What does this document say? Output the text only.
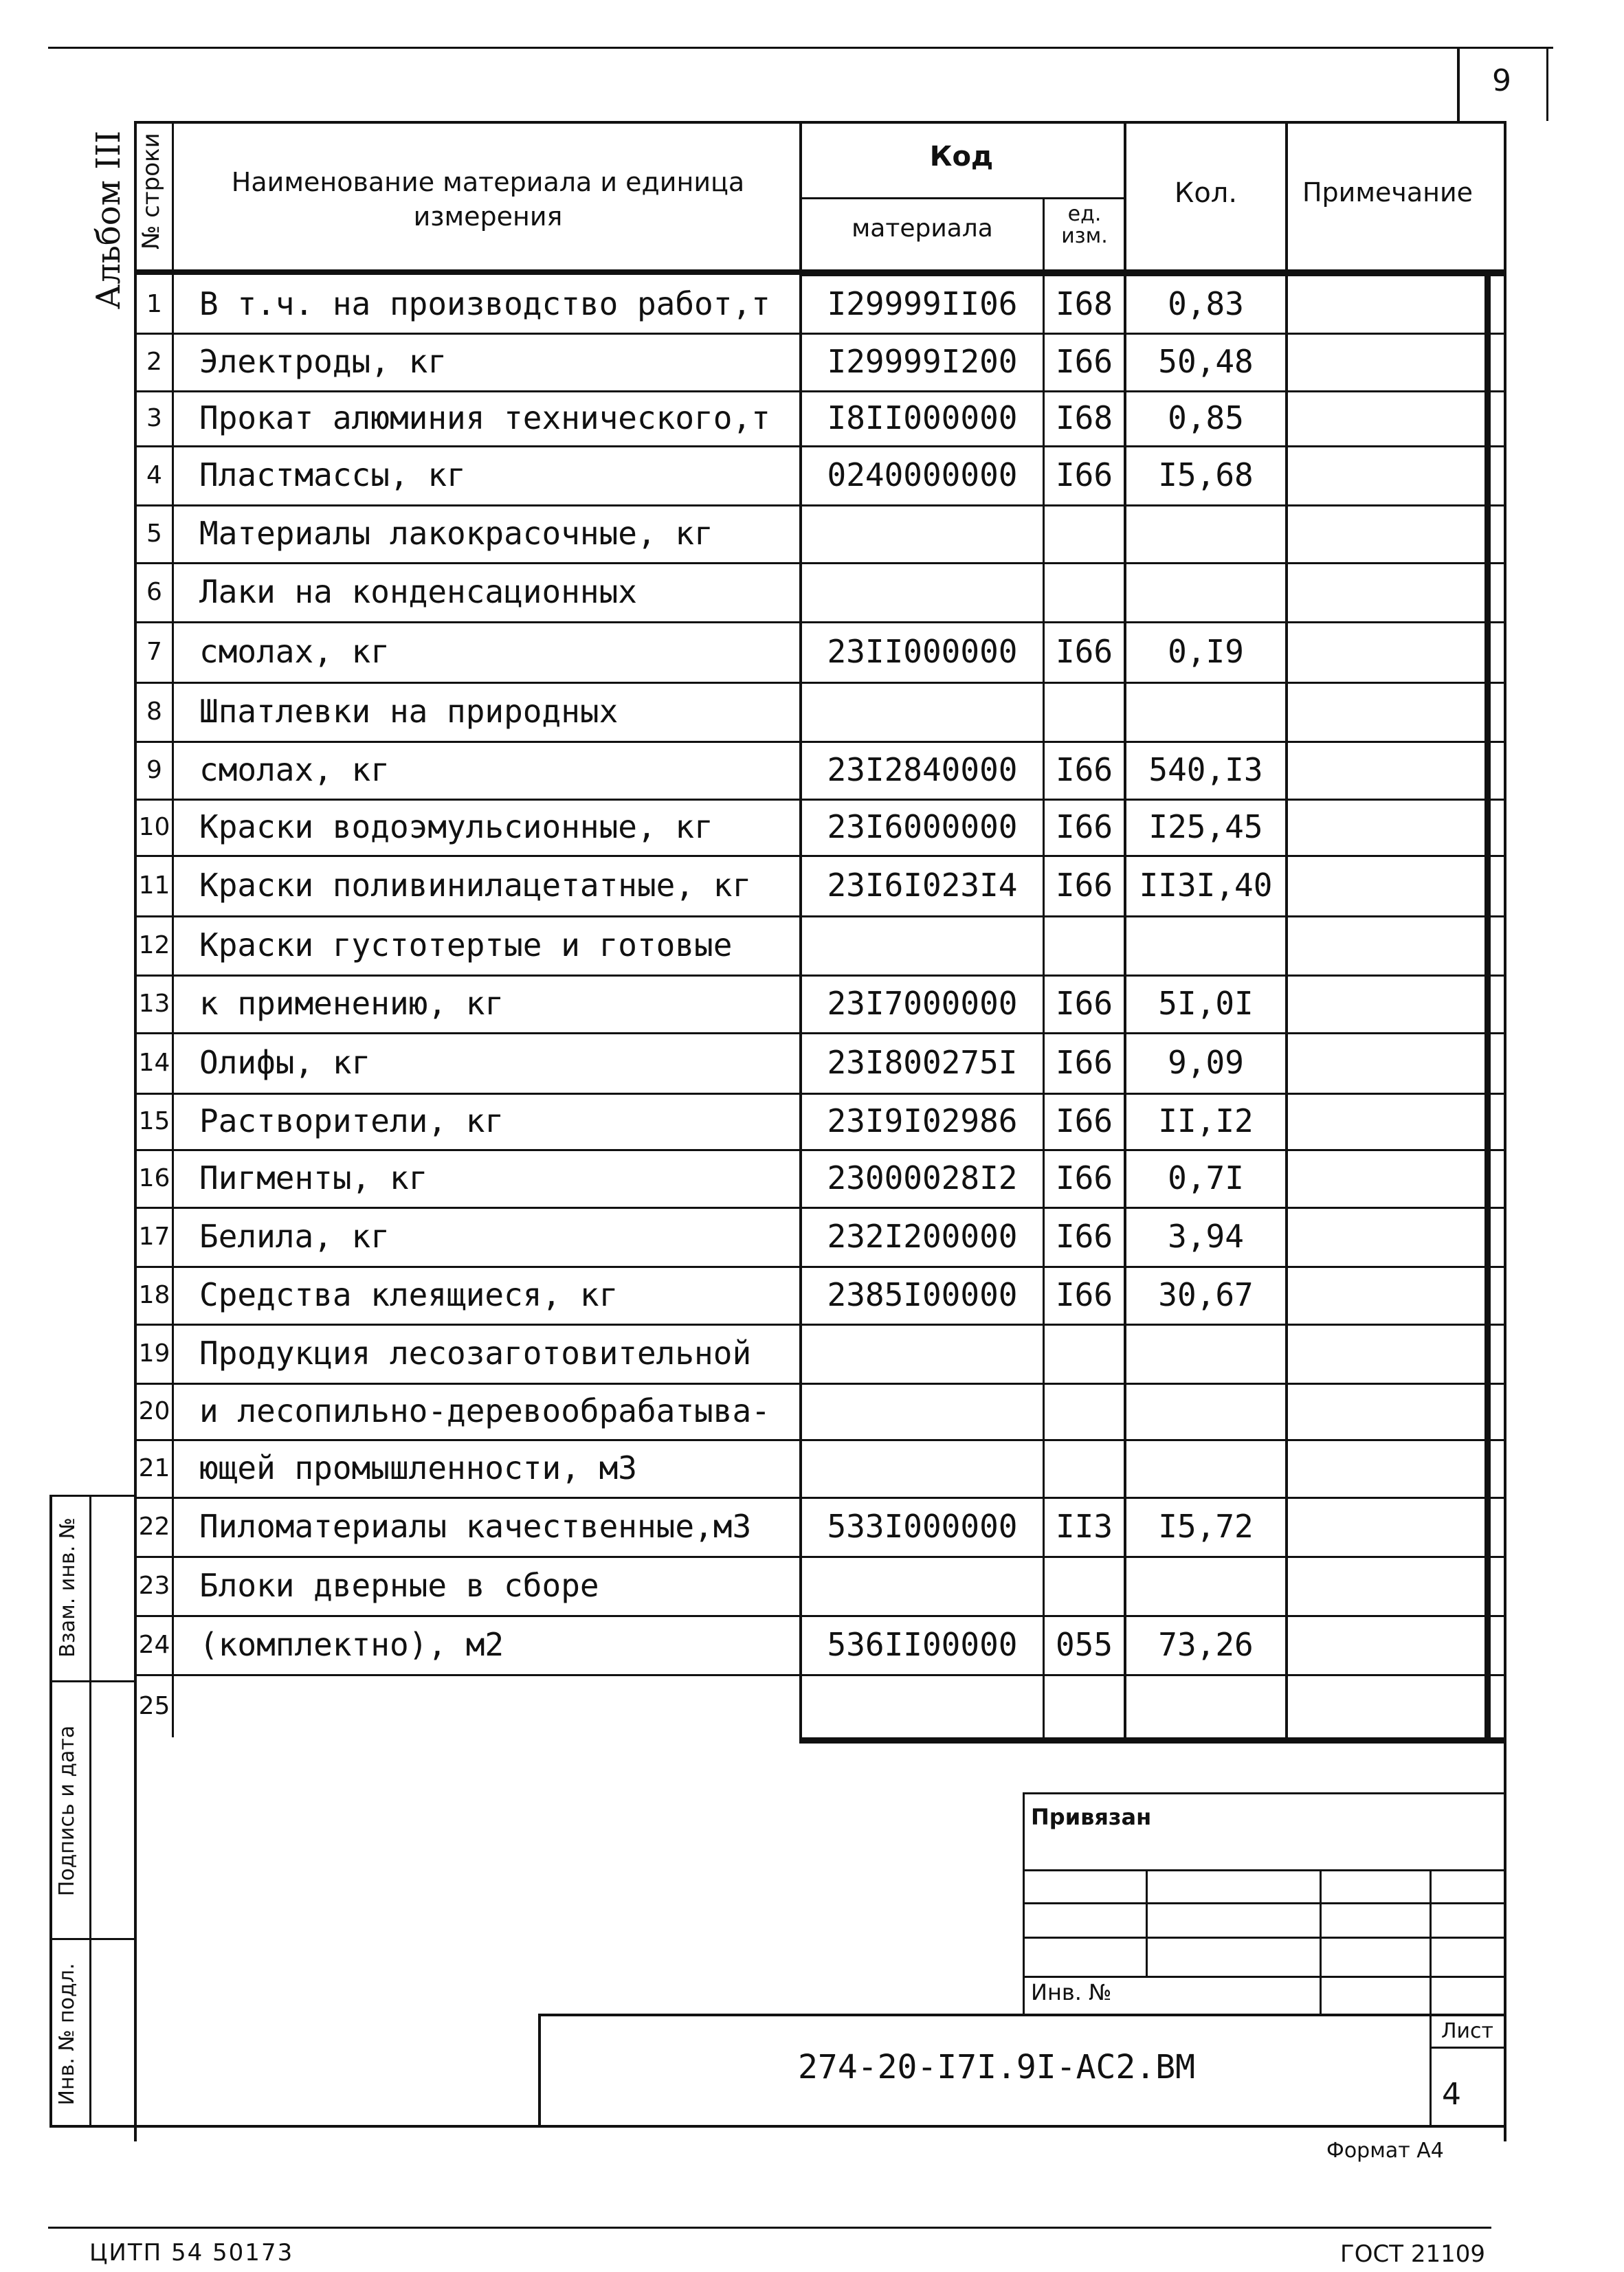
9
Альбом III № строки	Наименование материала и единица измерения
Код
материала
ед. изм.
Кол.	Примечание
1	В т.ч. на производство работ,т	I29999II06	I68	0,83
2	Электроды, кг	I29999I200	I66	50,48
3	Прокат алюминия технического,т	I8II000000	I68	0,85
4	Пластмассы, кг	0240000000	I66	I5,68
5	Материалы лакокрасочные, кг
6	Лаки на конденсационных
7	смолах, кг	23II000000	I66	0,I9
8	Шпатлевки на природных
9	смолах, кг	23I2840000	I66	540,I3
10 Краски водоэмульсионные, кг	23I6000000	I66	I25,45
11 Краски поливинилацетатные, кг	23I6I023I4	I66 II3I,40
12 Краски густотертые и готовые
13 к применению, кг	23I7000000	I66	5I,0I
14 Олифы, кг	23I800275I	I66	9,09
15 Растворители, кг	23I9I02986	I66	II,I2
16 Пигменты, кг	23000028I2	I66	0,7I
17 Белила, кг	232I200000	I66	3,94
18 Средства клеящиеся, кг	2385I00000	I66	30,67
19 Продукция лесозаготовительной
20 и лесопильно-деревообрабатыва-
21 ющей промышленности, м3
22 Пиломатериалы качественные,м3	533I000000	II3	I5,72
23 Блоки дверные в сборе
24 (комплектно), м2	536II00000	055	73,26
25
Взам. инв. №
Подпись и дата
Инв. № подл.
Привязан
Инв. №
274-20-I7I.9I-АС2.ВМ
Лист
4
Формат А4
ЦИТП 54 50173	ГОСТ 21109
